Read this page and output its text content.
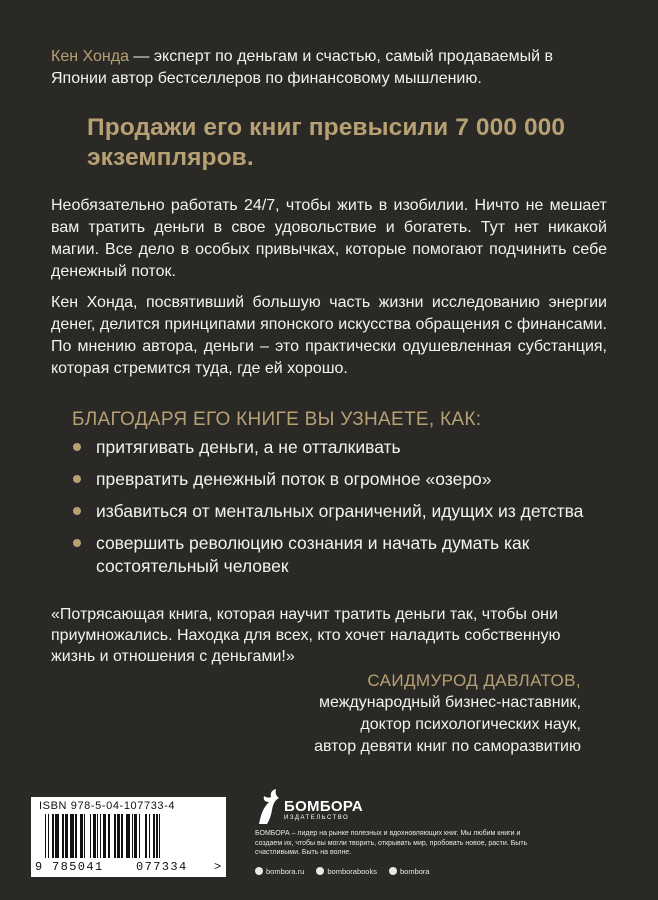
Кен Хонда — эксперт по деньгам и счастью, самый продаваемый в Японии автор бестселлеров по финансовому мышлению.
Продажи его книг превысили 7 000 000 экземпляров.
Необязательно работать 24/7, чтобы жить в изобилии. Ничто не мешает вам тратить деньги в свое удовольствие и богатеть. Тут нет никакой магии. Все дело в особых привычках, которые помогают подчинить себе денежный поток.
Кен Хонда, посвятивший большую часть жизни исследованию энергии денег, делится принципами японского искусства обращения с финансами. По мнению автора, деньги – это практически одушевленная субстанция, которая стремится туда, где ей хорошо.
БЛАГОДАРЯ ЕГО КНИГЕ ВЫ УЗНАЕТЕ, КАК:
притягивать деньги, а не отталкивать
превратить денежный поток в огромное «озеро»
избавиться от ментальных ограничений, идущих из детства
совершить революцию сознания и начать думать как состоятельный человек
«Потрясающая книга, которая научит тратить деньги так, чтобы они приумножались. Находка для всех, кто хочет наладить собственную жизнь и отношения с деньгами!»
САИДМУРОД ДАВЛАТОВ,
международный бизнес-наставник,
доктор психологических наук,
автор девяти книг по саморазвитию
ISBN 978-5-04-107733-4
9 785041	077334 >
БОМБОРА
ИЗДАТЕЛЬСТВО
БОМБОРА – лидер на рынке полезных и вдохновляющих книг. Мы любим книги и создаем их, чтобы вы могли творить, открывать мир, пробовать новое, расти. Быть счастливыми. Быть на волне.
bombora.ru	bomborabooks	bombora
